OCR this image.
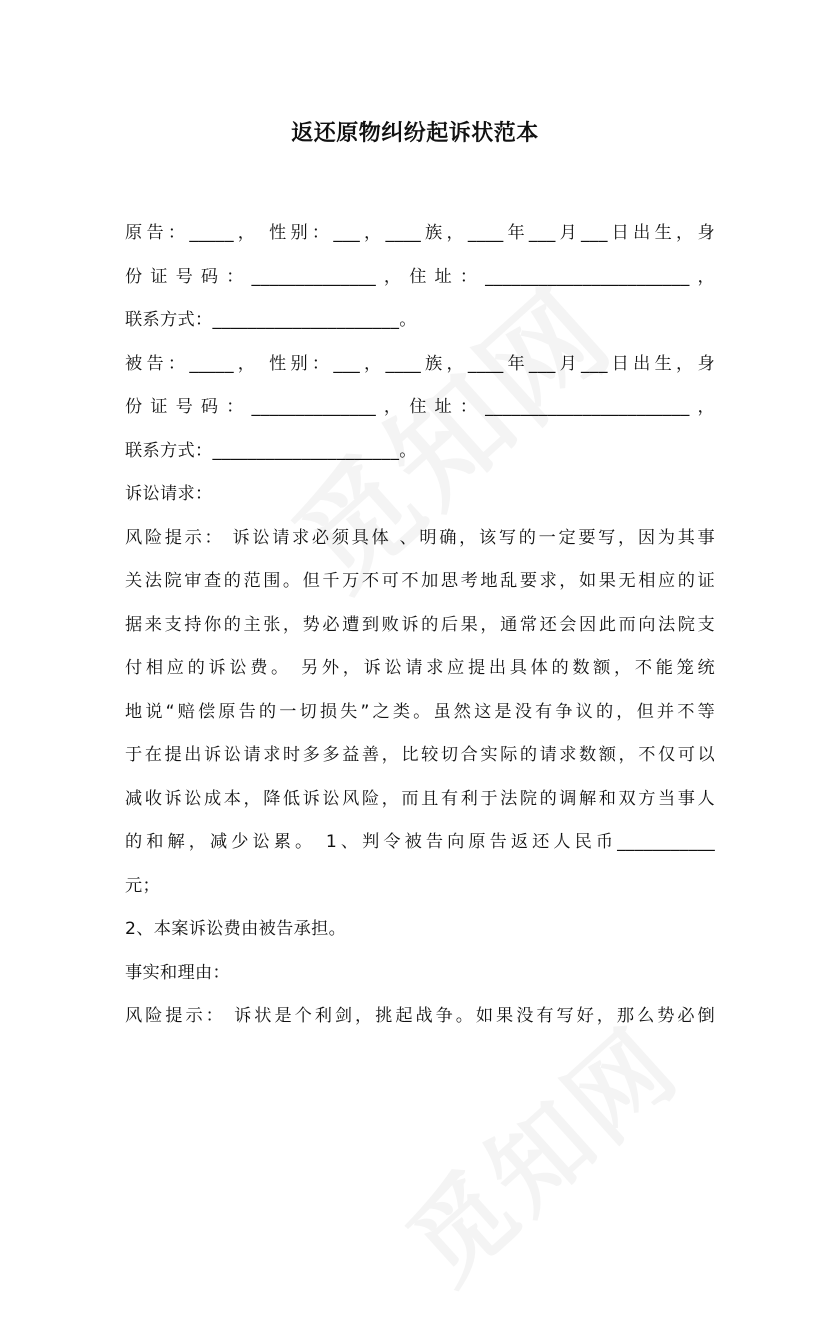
返还原物纠纷起诉状范本
原告：_____， 性别：___，____族，____年___月___日出生，身
份证号码：______________，住址：_______________________，
联系方式：_____________________。
被告：_____， 性别：___，____族，____年___月___日出生，身
份证号码：______________，住址：_______________________，
联系方式：_____________________。
诉讼请求：
风险提示： 诉讼请求必须具体 、明确，该写的一定要写，因为其事
关法院审查的范围。但千万不可不加思考地乱要求，如果无相应的证
据来支持你的主张，势必遭到败诉的后果，通常还会因此而向法院支
付相应的诉讼费。 另外，诉讼请求应提出具体的数额，不能笼统
地说“赔偿原告的一切损失”之类。虽然这是没有争议的，但并不等
于在提出诉讼请求时多多益善，比较切合实际的请求数额，不仅可以
减收诉讼成本，降低诉讼风险，而且有利于法院的调解和双方当事人
的和解，减少讼累。 1、判令被告向原告返还人民币___________
元；
2、本案诉讼费由被告承担。
事实和理由：
风险提示： 诉状是个利剑，挑起战争。如果没有写好，那么势必倒
